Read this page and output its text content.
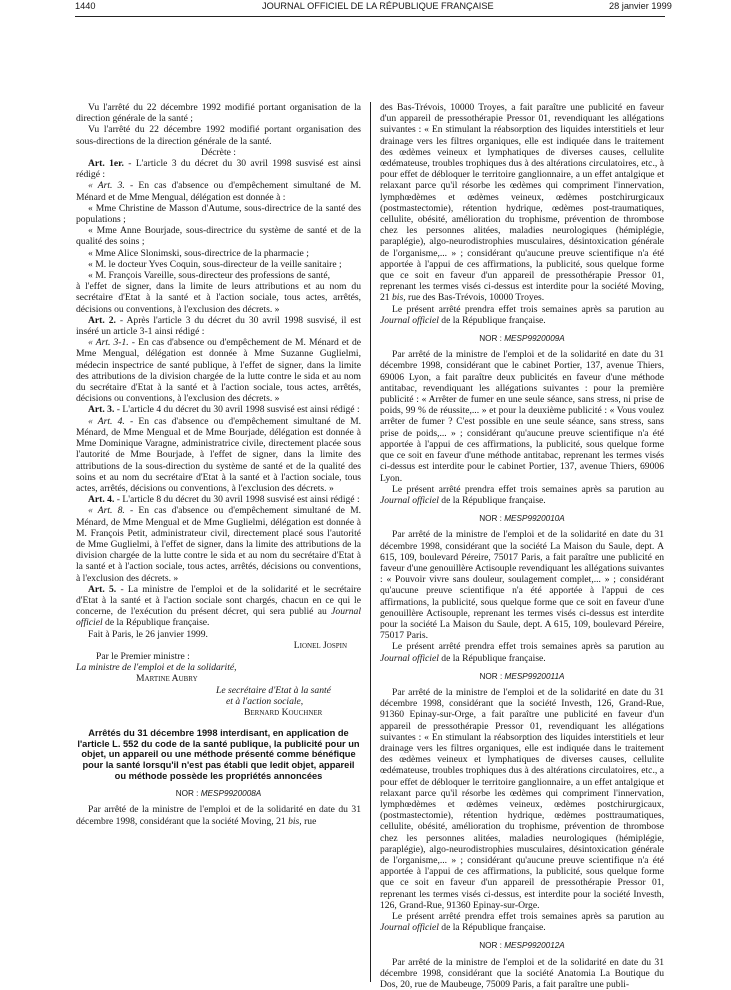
1440	JOURNAL OFFICIEL DE LA RÉPUBLIQUE FRANÇAISE	28 janvier 1999

Vu l'arrêté du 22 décembre 1992 modifié portant organisation de la direction générale de la santé ;

Vu l'arrêté du 22 décembre 1992 modifié portant organisation des sous-directions de la direction générale de la santé.

Décrète :

Art. 1er. - L'article 3 du décret du 30 avril 1998 susvisé est ainsi rédigé :

« Art. 3. - En cas d'absence ou d'empêchement simultané de M. Ménard et de Mme Mengual, délégation est donnée à :

« Mme Christine de Masson d'Autume, sous-directrice de la santé des populations ;

« Mme Anne Bourjade, sous-directrice du système de santé et de la qualité des soins ;

« Mme Alice Slonimski, sous-directrice de la pharmacie ;

« M. le docteur Yves Coquin, sous-directeur de la veille sanitaire ;

« M. François Vareille, sous-directeur des professions de santé,

à l'effet de signer, dans la limite de leurs attributions et au nom du secrétaire d'Etat à la santé et à l'action sociale, tous actes, arrêtés, décisions ou conventions, à l'exclusion des décrets. »

Art. 2. - Après l'article 3 du décret du 30 avril 1998 susvisé, il est inséré un article 3-1 ainsi rédigé :

« Art. 3-1. - En cas d'absence ou d'empêchement de M. Ménard et de Mme Mengual, délégation est donnée à Mme Suzanne Guglielmi, médecin inspectrice de santé publique, à l'effet de signer, dans la limite des attributions de la division chargée de la lutte contre le sida et au nom du secrétaire d'Etat à la santé et à l'action sociale, tous actes, arrêtés, décisions ou conventions, à l'exclusion des décrets. »

Art. 3. - L'article 4 du décret du 30 avril 1998 susvisé est ainsi rédigé :

« Art. 4. - En cas d'absence ou d'empêchement simultané de M. Ménard, de Mme Mengual et de Mme Bourjade, délégation est donnée à Mme Dominique Varagne, administratrice civile, directement placée sous l'autorité de Mme Bourjade, à l'effet de signer, dans la limite des attributions de la sous-direction du système de santé et de la qualité des soins et au nom du secrétaire d'Etat à la santé et à l'action sociale, tous actes, arrêtés, décisions ou conventions, à l'exclusion des décrets. »

Art. 4. - L'article 8 du décret du 30 avril 1998 susvisé est ainsi rédigé :

« Art. 8. - En cas d'absence ou d'empêchement simultané de M. Ménard, de Mme Mengual et de Mme Guglielmi, délégation est donnée à M. François Petit, administrateur civil, directement placé sous l'autorité de Mme Guglielmi, à l'effet de signer, dans la limite des attributions de la division chargée de la lutte contre le sida et au nom du secrétaire d'Etat à la santé et à l'action sociale, tous actes, arrêtés, décisions ou conventions, à l'exclusion des décrets. »

Art. 5. - La ministre de l'emploi et de la solidarité et le secrétaire d'Etat à la santé et à l'action sociale sont chargés, chacun en ce qui le concerne, de l'exécution du présent décret, qui sera publié au Journal officiel de la République française.

Fait à Paris, le 26 janvier 1999.

Lionel Jospin

Par le Premier ministre :

La ministre de l'emploi et de la solidarité,

Martine Aubry

Le secrétaire d'Etat à la santé

et à l'action sociale,

Bernard Kouchner

Arrêtés du 31 décembre 1998 interdisant, en application de l'article L. 552 du code de la santé publique, la publicité pour un objet, un appareil ou une méthode présenté comme bénéfique pour la santé lorsqu'il n'est pas établi que ledit objet, appareil ou méthode possède les propriétés annoncées

NOR : MESP9920008A

Par arrêté de la ministre de l'emploi et de la solidarité en date du 31 décembre 1998, considérant que la société Moving, 21 bis, rue

des Bas-Trévois, 10000 Troyes, a fait paraître une publicité en faveur d'un appareil de pressothérapie Pressor 01, revendiquant les allégations suivantes : « En stimulant la réabsorption des liquides interstitiels et leur drainage vers les filtres organiques, elle est indiquée dans le traitement des œdèmes veineux et lymphatiques de diverses causes, cellulite œdémateuse, troubles trophiques dus à des altérations circulatoires, etc., à pour effet de débloquer le territoire ganglionnaire, a un effet antalgique et relaxant parce qu'il résorbe les œdèmes qui compriment l'innervation, lymphœdèmes et œdèmes veineux, œdèmes postchirurgicaux (postmastectomie), rétention hydrique, œdèmes post-traumatiques, cellulite, obésité, amélioration du trophisme, prévention de thrombose chez les personnes alitées, maladies neurologiques (hémiplégie, paraplégie), algo-neurodistrophies musculaires, désintoxication générale de l'organisme,... » ; considérant qu'aucune preuve scientifique n'a été apportée à l'appui de ces affirmations, la publicité, sous quelque forme que ce soit en faveur d'un appareil de pressothérapie Pressor 01, reprenant les termes visés ci-dessus est interdite pour la société Moving, 21 bis, rue des Bas-Trévois, 10000 Troyes.

Le présent arrêté prendra effet trois semaines après sa parution au Journal officiel de la République française.

NOR : MESP9920009A

Par arrêté de la ministre de l'emploi et de la solidarité en date du 31 décembre 1998, considérant que le cabinet Portier, 137, avenue Thiers, 69006 Lyon, a fait paraître deux publicités en faveur d'une méthode antitabac, revendiquant les allégations suivantes : pour la première publicité : « Arrêter de fumer en une seule séance, sans stress, ni prise de poids, 99 % de réussite,... » et pour la deuxième publicité : « Vous voulez arrêter de fumer ? C'est possible en une seule séance, sans stress, sans prise de poids,... » ; considérant qu'aucune preuve scientifique n'a été apportée à l'appui de ces affirmations, la publicité, sous quelque forme que ce soit en faveur d'une méthode antitabac, reprenant les termes visés ci-dessus est interdite pour le cabinet Portier, 137, avenue Thiers, 69006 Lyon.

Le présent arrêté prendra effet trois semaines après sa parution au Journal officiel de la République française.

NOR : MESP9920010A

Par arrêté de la ministre de l'emploi et de la solidarité en date du 31 décembre 1998, considérant que la société La Maison du Saule, dept. A 615, 109, boulevard Péreire, 75017 Paris, a fait paraître une publicité en faveur d'une genouillère Actisouple revendiquant les allégations suivantes : « Pouvoir vivre sans douleur, soulagement complet,... » ; considérant qu'aucune preuve scientifique n'a été apportée à l'appui de ces affirmations, la publicité, sous quelque forme que ce soit en faveur d'une genouillère Actisouple, reprenant les termes visés ci-dessus est interdite pour la société La Maison du Saule, dept. A 615, 109, boulevard Péreire, 75017 Paris.

Le présent arrêté prendra effet trois semaines après sa parution au Journal officiel de la République française.

NOR : MESP9920011A

Par arrêté de la ministre de l'emploi et de la solidarité en date du 31 décembre 1998, considérant que la société Investh, 126, Grand-Rue, 91360 Epinay-sur-Orge, a fait paraître une publicité en faveur d'un appareil de pressothérapie Pressor 01, revendiquant les allégations suivantes : « En stimulant la réabsorption des liquides interstitiels et leur drainage vers les filtres organiques, elle est indiquée dans le traitement des œdèmes veineux et lymphatiques de diverses causes, cellulite œdémateuse, troubles trophiques dus à des altérations circulatoires, etc., a pour effet de débloquer le territoire ganglionnaire, a un effet antalgique et relaxant parce qu'il résorbe les œdèmes qui compriment l'innervation, lymphœdèmes et œdèmes veineux, œdèmes postchirurgicaux, (postmastectomie), rétention hydrique, œdèmes posttraumatiques, cellulite, obésité, amélioration du trophisme, prévention de thrombose chez les personnes alitées, maladies neurologiques (hémiplégie, paraplégie), algo-neurodistrophies musculaires, désintoxication générale de l'organisme,... » ; considérant qu'aucune preuve scientifique n'a été apportée à l'appui de ces affirmations, la publicité, sous quelque forme que ce soit en faveur d'un appareil de pressothérapie Pressor 01, reprenant les termes visés ci-dessus, est interdite pour la société Investh, 126, Grand-Rue, 91360 Epinay-sur-Orge.

Le présent arrêté prendra effet trois semaines après sa parution au Journal officiel de la République française.

NOR : MESP9920012A

Par arrêté de la ministre de l'emploi et de la solidarité en date du 31 décembre 1998, considérant que la société Anatomia La Boutique du Dos, 20, rue de Maubeuge, 75009 Paris, a fait paraître une publi-
